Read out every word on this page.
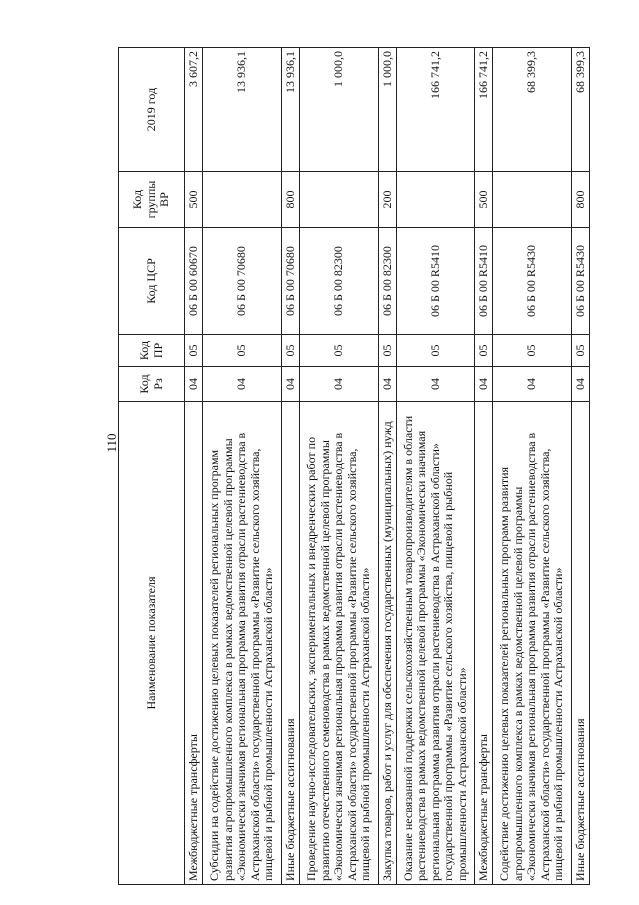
110
Наименование показателя	Код Рз	Код ПР	Код ЦСР	Код группы ВР	2019 год
Межбюджетные трансферты	04	05	06 Б 00 60670	500	3 607,2
Субсидии на содействие достижению целевых показателей региональных программ развития агропромышленного комплекса в рамках ведомственной целевой программы «Экономически значимая региональная программа развития отрасли растениеводства в Астраханской области» государственной программы «Развитие сельского хозяйства, пищевой и рыбной промышленности Астраханской области»	04	05	06 Б 00 70680		13 936,1
Иные бюджетные ассигнования	04	05	06 Б 00 70680	800	13 936,1
Проведение научно-исследовательских, экспериментальных и внедренческих работ по развитию отечественного семеноводства в рамках ведомственной целевой программы «Экономически значимая региональная программа развития отрасли растениеводства в Астраханской области» государственной программы «Развитие сельского хозяйства, пищевой и рыбной промышленности Астраханской области»	04	05	06 Б 00 82300		1 000,0
Закупка товаров, работ и услуг для обеспечения государственных (муниципальных) нужд	04	05	06 Б 00 82300	200	1 000,0
Оказание несвязанной поддержки сельскохозяйственным товаропроизводителям в области растениеводства в рамках ведомственной целевой программы «Экономически значимая региональная программа развития отрасли растениеводства в Астраханской области» государственной программы «Развитие сельского хозяйства, пищевой и рыбной промышленности Астраханской области»	04	05	06 Б 00 R5410		166 741,2
Межбюджетные трансферты	04	05	06 Б 00 R5410	500	166 741,2
Содействие достижению целевых показателей региональных программ развития агропромышленного комплекса в рамках ведомственной целевой программы «Экономически значимая региональная программа развития отрасли растениеводства в Астраханской области» государственной программы «Развитие сельского хозяйства, пищевой и рыбной промышленности Астраханской области»	04	05	06 Б 00 R5430		68 399,3
Иные бюджетные ассигнования	04	05	06 Б 00 R5430	800	68 399,3
